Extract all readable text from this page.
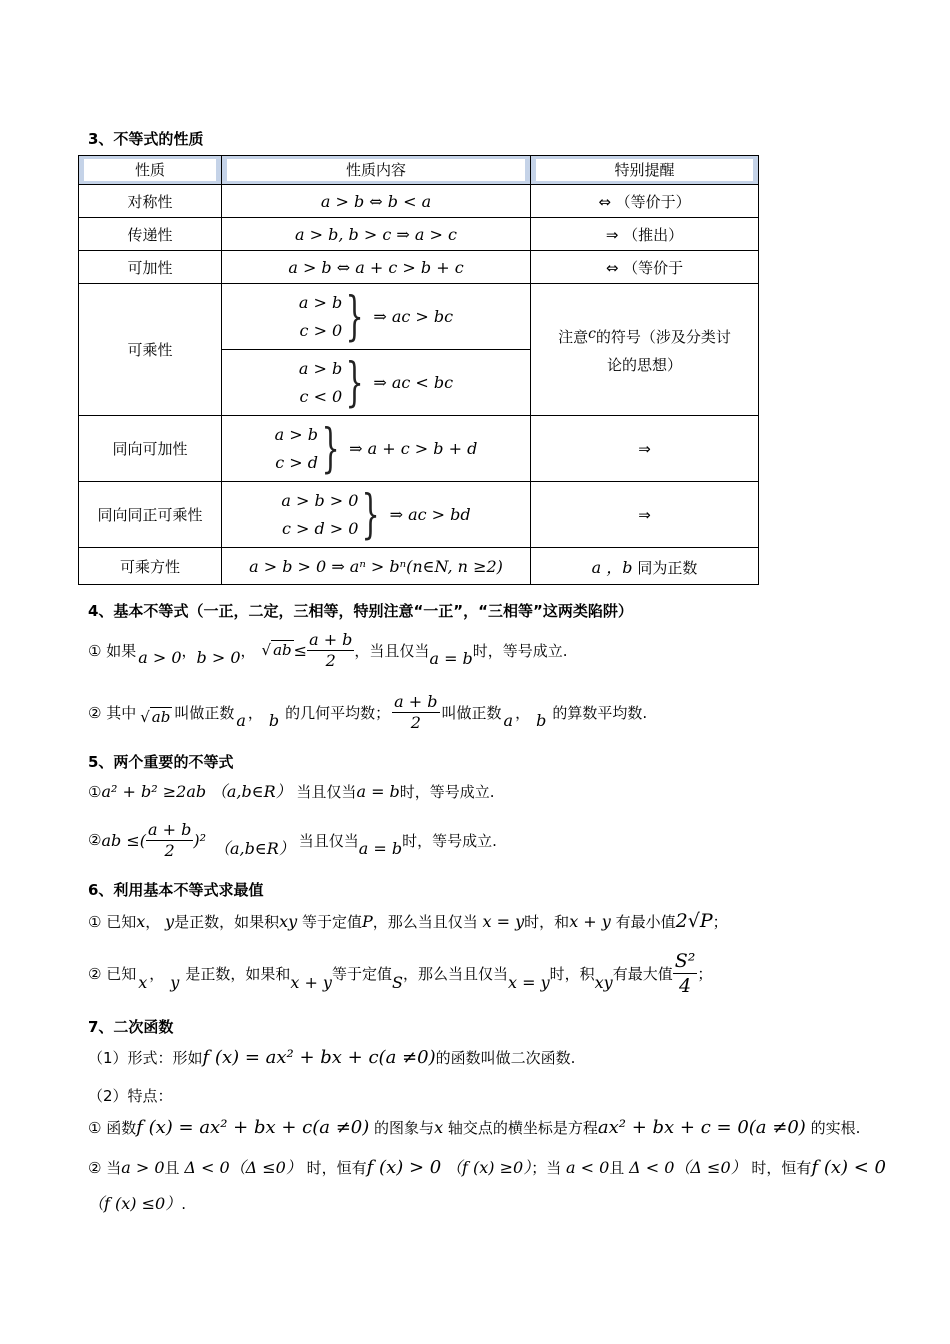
3、不等式的性质
性质	性质内容	特别提醒

对称性	a > b ⇔ b < a	⇔ （等价于）
传递性	a > b, b > c ⇒ a > c	⇒ （推出）
可加性	a > b ⇔ a + c > b + c	⇔ （等价于
可乘性	a > b
c > 0 } ⇒ ac > bc	注意c的符号（涉及分类讨
论的思想）

	a > b
c < 0 } ⇒ ac < bc	

同向可加性	a > b
c > d } ⇒ a + c > b + d	⇒
同向同正可乘性	a > b > 0
c > d > 0 } ⇒ ac > bd	⇒
可乘方性	a > b > 0 ⇒ aⁿ > bⁿ(n∈N, n ≥2)	a ，b 同为正数
4、基本不等式（一正，二定，三相等，特别注意“一正”，“三相等”这两类陷阱）
① 如果 a > 0 ， b > 0 ， √ ab ≤ $\frac{a + b}{2}$ ，当且仅当 a = b 时，等号成立.
② 其中 √ ab 叫做正数 a ， b 的几何平均数； $\frac{a + b}{2}$ 叫做正数 a ， b 的算数平均数.
5、两个重要的不等式
①a² + b² ≥2ab （a,b∈R） 当且仅当a = b时，等号成立.
② ab ≤( $\frac{a + b}{2} )^2$ （a,b∈R） 当且仅当 a = b 时，等号成立.
6、利用基本不等式求最值
① 已知x， y是正数，如果积xy 等于定值P，那么当且仅当 x = y时，和x + y 有最小值2√P；
② 已知 x ， y 是正数，如果和 x + y 等于定值 S ，那么当且仅当 x = y 时，积 xy 有最大值 $\frac{\text{S²}}{4}$ ；
7、二次函数
（1）形式：形如f (x) = ax² + bx + c(a ≠0)的函数叫做二次函数.
（2）特点：
① 函数f (x) = ax² + bx + c(a ≠0) 的图象与x 轴交点的横坐标是方程ax² + bx + c = 0(a ≠0) 的实根.
② 当a > 0且 Δ < 0（Δ ≤0） 时，恒有f (x) > 0 （f (x) ≥0）；当 a < 0且 Δ < 0（Δ ≤0） 时，恒有f (x) < 0
（f (x) ≤0）.
